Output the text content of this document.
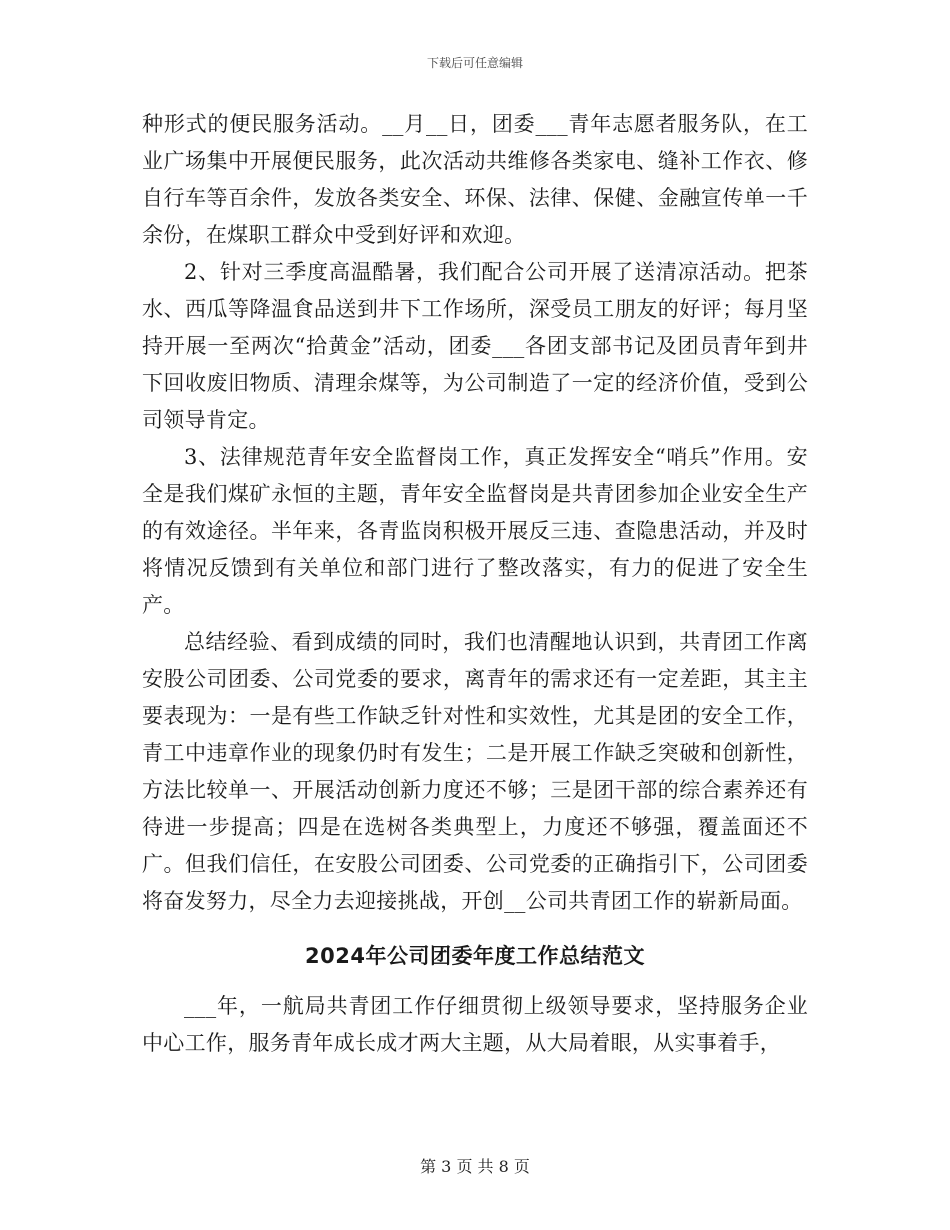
下载后可任意编辑

种形式的便民服务活动。__月__日，团委___青年志愿者服务队，在工业广场集中开展便民服务，此次活动共维修各类家电、缝补工作衣、修自行车等百余件，发放各类安全、环保、法律、保健、金融宣传单一千余份，在煤职工群众中受到好评和欢迎。

2、针对三季度高温酷暑，我们配合公司开展了送清凉活动。把茶水、西瓜等降温食品送到井下工作场所，深受员工朋友的好评；每月坚持开展一至两次“拾黄金”活动，团委___各团支部书记及团员青年到井下回收废旧物质、清理余煤等，为公司制造了一定的经济价值，受到公司领导肯定。

3、法律规范青年安全监督岗工作，真正发挥安全“哨兵”作用。安全是我们煤矿永恒的主题，青年安全监督岗是共青团参加企业安全生产的有效途径。半年来，各青监岗积极开展反三违、查隐患活动，并及时将情况反馈到有关单位和部门进行了整改落实，有力的促进了安全生产。

总结经验、看到成绩的同时，我们也清醒地认识到，共青团工作离安股公司团委、公司党委的要求，离青年的需求还有一定差距，其主主要表现为：一是有些工作缺乏针对性和实效性，尤其是团的安全工作，青工中违章作业的现象仍时有发生；二是开展工作缺乏突破和创新性，方法比较单一、开展活动创新力度还不够；三是团干部的综合素养还有待进一步提高；四是在选树各类典型上，力度还不够强，覆盖面还不广。但我们信任，在安股公司团委、公司党委的正确指引下，公司团委将奋发努力，尽全力去迎接挑战，开创__公司共青团工作的崭新局面。

2024年公司团委年度工作总结范文

___年，一航局共青团工作仔细贯彻上级领导要求，坚持服务企业中心工作，服务青年成长成才两大主题，从大局着眼，从实事着手，

第 3 页 共 8 页
